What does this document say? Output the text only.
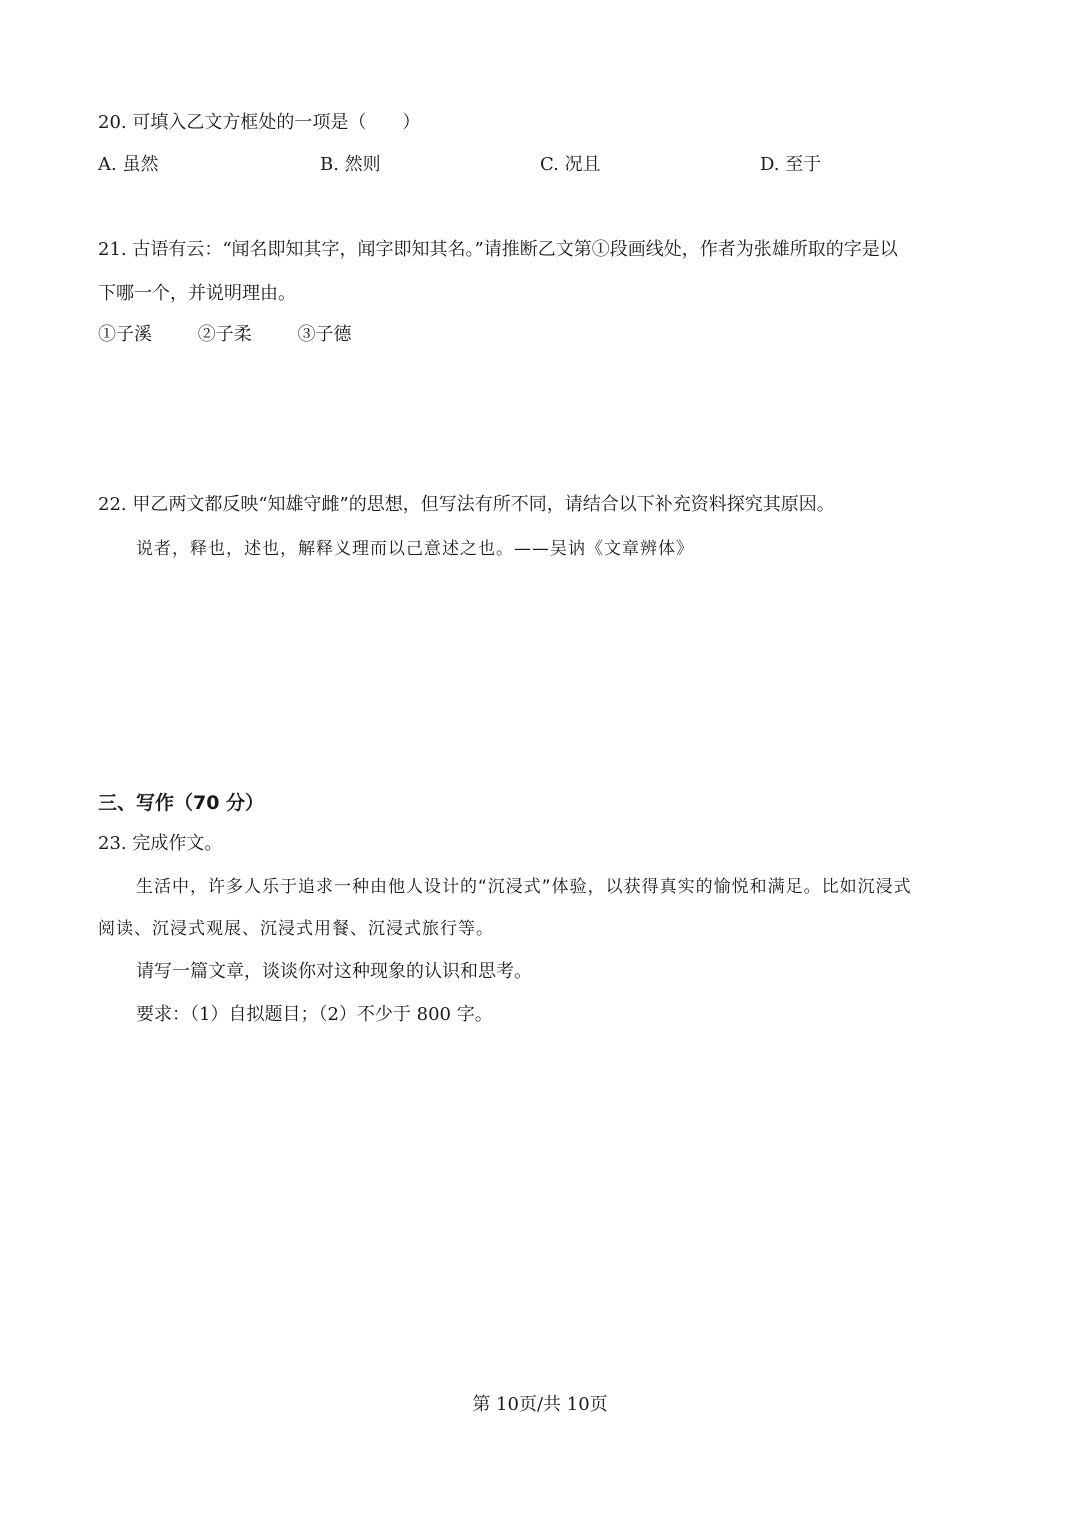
20. 可填入乙文方框处的一项是（　　）

A. 虽然	B. 然则	C. 况且	D. 至于

21. 古语有云：“闻名即知其字，闻字即知其名。”请推断乙文第①段画线处，作者为张雄所取的字是以

下哪一个，并说明理由。

①子溪	②子柔	③子德

22. 甲乙两文都反映“知雄守雌”的思想，但写法有所不同，请结合以下补充资料探究其原因。

说者，释也，述也，解释义理而以己意述之也。——吴讷《文章辨体》

三、写作（70 分）

23. 完成作文。

生活中，许多人乐于追求一种由他人设计的“沉浸式”体验，以获得真实的愉悦和满足。比如沉浸式

阅读、沉浸式观展、沉浸式用餐、沉浸式旅行等。

请写一篇文章，谈谈你对这种现象的认识和思考。

要求：（1）自拟题目；（2）不少于 800 字。

第 10页/共 10页
